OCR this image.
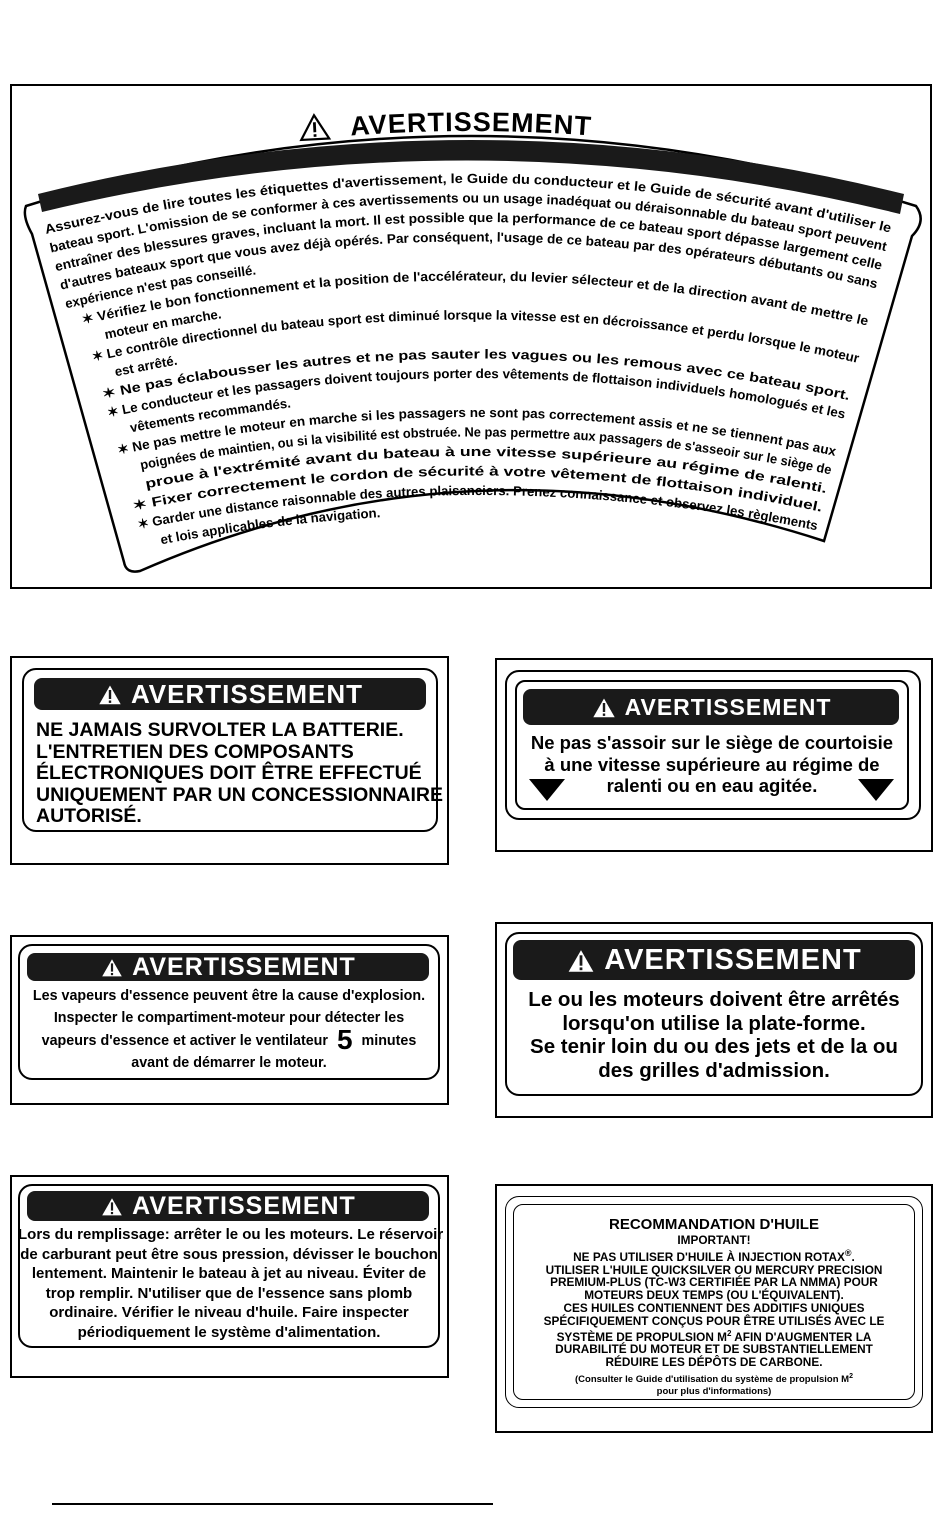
AVERTISSEMENT
Assurez-vous de lire toutes les étiquettes d'avertissement, le Guide du conducteur et le Guide de sécurité avant d'utiliser le
bateau sport. L'omission de se conformer à ces avertissements ou un usage inadéquat ou déraisonnable du bateau sport peuvent
entraîner des blessures graves, incluant la mort. Il est possible que la performance de ce bateau sport dépasse largement celle
d'autres bateaux sport que vous avez déjà opérés. Par conséquent, l'usage de ce bateau par des opérateurs débutants ou sans
expérience n'est pas conseillé.
✶ Vérifiez le bon fonctionnement et la position de l'accélérateur, du levier sélecteur et de la direction avant de mettre le
moteur en marche.
✶ Le contrôle directionnel du bateau sport est diminué lorsque la vitesse est en décroissance et perdu lorsque le moteur
est arrêté.
✶ Ne pas éclabousser les autres et ne pas sauter les vagues ou les remous avec ce bateau sport.
✶ Le conducteur et les passagers doivent toujours porter des vêtements de flottaison individuels homologués et les
vêtements recommandés.
✶ Ne pas mettre le moteur en marche si les passagers ne sont pas correctement assis et ne se tiennent pas aux
poignées de maintien, ou si la visibilité est obstruée. Ne pas permettre aux passagers de s'asseoir sur le siège de
proue à l'extrémité avant du bateau à une vitesse supérieure au régime de ralenti.
✶ Fixer correctement le cordon de sécurité à votre vêtement de flottaison individuel.
✶ Garder une distance raisonnable des autres plaisanciers. Prenez connaissance et observez les règlements
et lois applicables de la navigation.
AVERTISSEMENT
NE JAMAIS SURVOLTER LA BATTERIE.
L'ENTRETIEN DES COMPOSANTS
ÉLECTRONIQUES DOIT ÊTRE EFFECTUÉ
UNIQUEMENT PAR UN CONCESSIONNAIRE
AUTORISÉ.
AVERTISSEMENT
Ne pas s'assoir sur le siège de courtoisie
à une vitesse supérieure au régime de
ralenti ou en eau agitée.
AVERTISSEMENT
Les vapeurs d'essence peuvent être la cause d'explosion.
Inspecter le compartiment-moteur pour détecter les
vapeurs d'essence et activer le ventilateur 5 minutes
avant de démarrer le moteur.
AVERTISSEMENT
Le ou les moteurs doivent être arrêtés
lorsqu'on utilise la plate-forme.
Se tenir loin du ou des jets et de la ou
des grilles d'admission.
AVERTISSEMENT
Lors du remplissage: arrêter le ou les moteurs. Le réservoir
de carburant peut être sous pression, dévisser le bouchon
lentement. Maintenir le bateau à jet au niveau. Éviter de
trop remplir. N'utiliser que de l'essence sans plomb
ordinaire. Vérifier le niveau d'huile. Faire inspecter
périodiquement le système d'alimentation.
RECOMMANDATION D'HUILE
IMPORTANT!
NE PAS UTILISER D'HUILE À INJECTION ROTAX®.
UTILISER L'HUILE QUICKSILVER OU MERCURY PRECISION
PREMIUM-PLUS (TC-W3 CERTIFIÉE PAR LA NMMA) POUR
MOTEURS DEUX TEMPS (OU L'ÉQUIVALENT).
CES HUILES CONTIENNENT DES ADDITIFS UNIQUES
SPÉCIFIQUEMENT CONÇUS POUR ÊTRE UTILISÉS AVEC LE
SYSTÈME DE PROPULSION $M^2$ AFIN D'AUGMENTER LA
DURABILITÉ DU MOTEUR ET DE SUBSTANTIELLEMENT
RÉDUIRE LES DÉPÔTS DE CARBONE.
(Consulter le Guide d'utilisation du système de propulsion $M^2$
pour plus d'informations)
